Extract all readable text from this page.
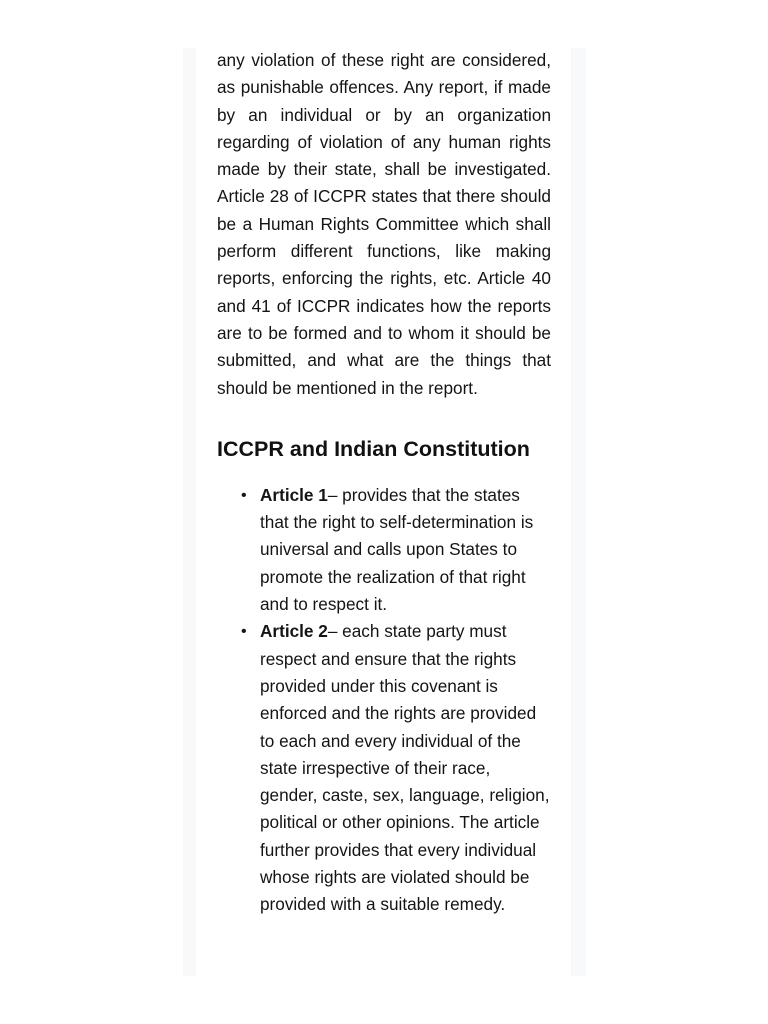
any violation of these right are considered, as punishable offences. Any report, if made by an individual or by an organization regarding of violation of any human rights made by their state, shall be investigated. Article 28 of ICCPR states that there should be a Human Rights Committee which shall perform different functions, like making reports, enforcing the rights, etc. Article 40 and 41 of ICCPR indicates how the reports are to be formed and to whom it should be submitted, and what are the things that should be mentioned in the report.

ICCPR and Indian Constitution
• Article 1– provides that the states that the right to self-determination is universal and calls upon States to promote the realization of that right and to respect it.
• Article 2– each state party must respect and ensure that the rights provided under this covenant is enforced and the rights are provided to each and every individual of the state irrespective of their race, gender, caste, sex, language, religion, political or other opinions. The article further provides that every individual whose rights are violated should be provided with a suitable remedy.
